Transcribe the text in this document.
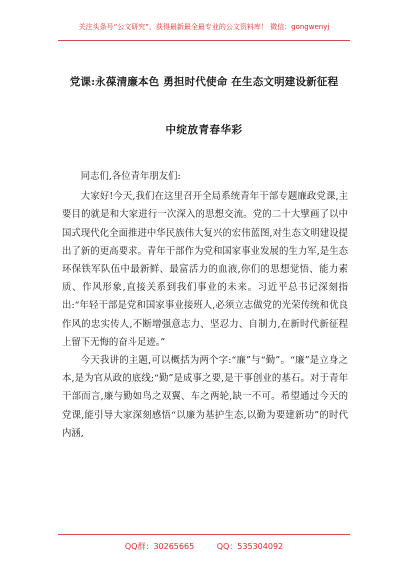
关注头条号“公文研究”，获得最新最全最专业的公文资料库！ 微信：gongwenyj
党课:永葆清廉本色 勇担时代使命 在生态文明建设新征程
中绽放青春华彩

同志们,各位青年朋友们:

大家好!今天,我们在这里召开全局系统青年干部专题廉政党课,主要目的就是和大家进行一次深入的思想交流。党的二十大擘画了以中国式现代化全面推进中华民族伟大复兴的宏伟蓝图,对生态文明建设提出了新的更高要求。青年干部作为党和国家事业发展的生力军,是生态环保铁军队伍中最新鲜、最富活力的血液,你们的思想觉悟、能力素质、作风形象,直接关系到我们事业的未来。习近平总书记深刻指出:“年轻干部是党和国家事业接班人,必须立志做党的光荣传统和优良作风的忠实传人,不断增强意志力、坚忍力、自制力,在新时代新征程上留下无悔的奋斗足迹。”

今天我讲的主题,可以概括为两个字:“廉”与“勤”。“廉”是立身之本,是为官从政的底线;“勤”是成事之要,是干事创业的基石。对于青年干部而言,廉与勤如鸟之双翼、车之两轮,缺一不可。希望通过今天的党课,能引导大家深刻感悟“以廉为基护生态,以勤为要建新功”的时代内涵,

QQ群：30265665	QQ：535304092
